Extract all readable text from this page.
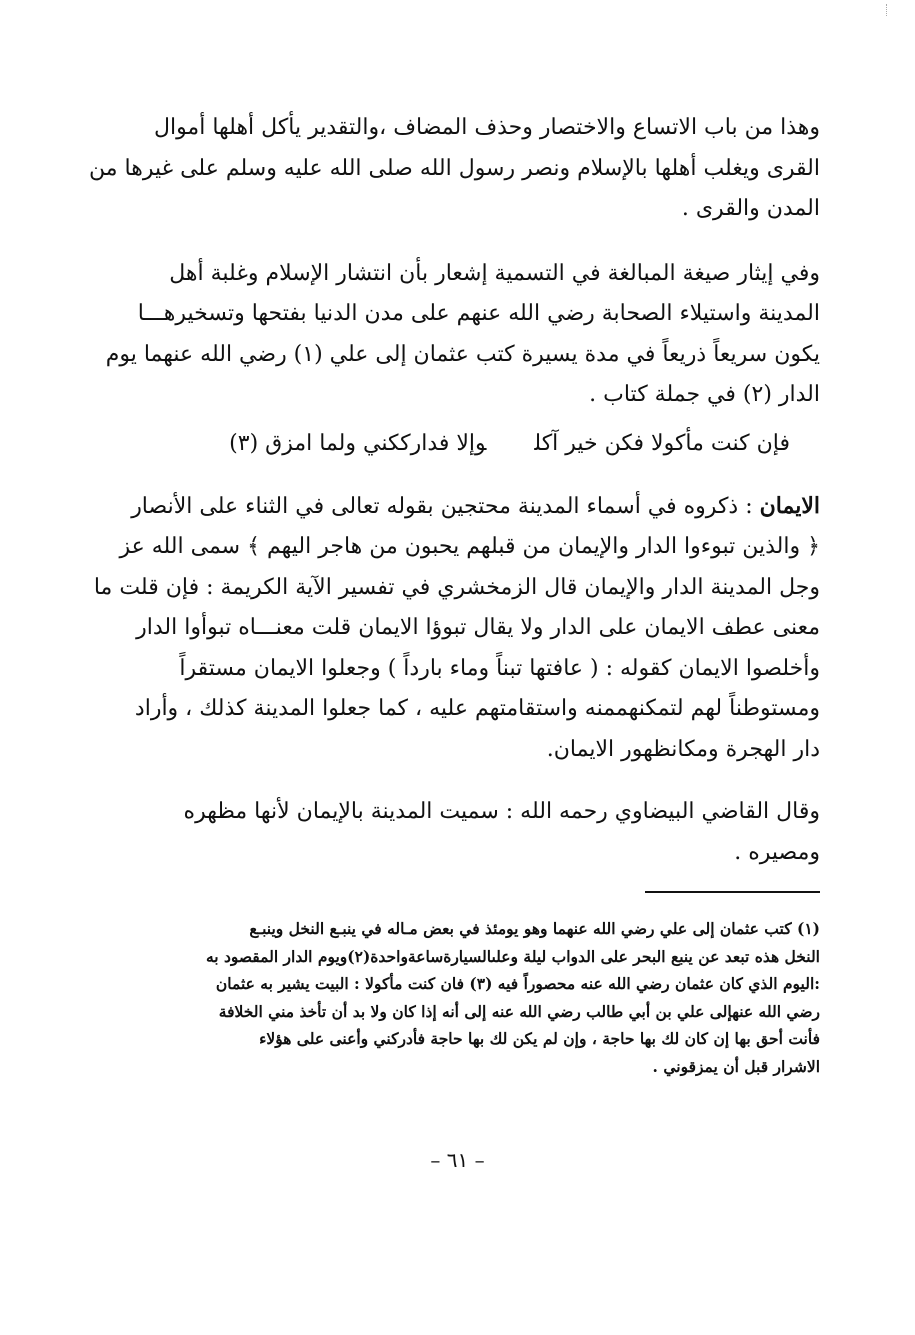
وهذا من باب الاتساع والاختصار وحذف المضاف ،والتقدير يأكل أهلها أموال
القرى ويغلب أهلها بالإسلام ونصر رسول الله صلى الله عليه وسلم على غيرها من
المدن والقرى .

وفي إيثار صيغة المبالغة في التسمية إشعار بأن انتشار الإسلام وغلبة أهل
المدينة واستيلاء الصحابة رضي الله عنهم على مدن الدنيا بفتحها وتسخيرهـــا
يكون سريعاً ذريعاً في مدة يسيرة كتب عثمان إلى علي (١) رضي الله عنهما يوم
الدار (٢) في جملة كتاب .

فإن كنت مأكولا فكن خير آكلوإلا فدارككني ولما امزق (٣)

الايمان : ذكروه في أسماء المدينة محتجين بقوله تعالى في الثناء على الأنصار
﴿ والذين تبوءوا الدار والإيمان من قبلهم يحبون من هاجر اليهم ﴾ سمى الله عز
وجل المدينة الدار والإيمان قال الزمخشري في تفسير الآية الكريمة : فإن قلت ما
معنى عطف الايمان على الدار ولا يقال تبوؤا الايمان قلت معنـــاه تبوأوا الدار
وأخلصوا الايمان كقوله : ( عافتها تبناً وماء بارداً ) وجعلوا الايمان مستقراً
ومستوطناً لهم لتمكنهممنه واستقامتهم عليه ، كما جعلوا المدينة كذلك ، وأراد
دار الهجرة ومكانظهور الايمان.

وقال القاضي البيضاوي رحمه الله : سميت المدينة بالإيمان لأنها مظهره
ومصيره .

(١) كتب عثمان إلى علي رضي الله عنهما وهو يومئذ في بعض مـاله في ينبـع النخل وينبـع
النخل هذه تبعد عن ينبع البحر على الدواب ليلة وعلىالسيارةساعةواحدة(٢)ويوم الدار المقصود به
:اليوم الذي كان عثمان رضي الله عنه محصوراً فيه (٣) فان كنت مأكولا : البيت يشير به عثمان
رضي الله عنهإلى علي بن أبي طالب رضي الله عنه إلى أنه إذا كان ولا بد أن تأخذ مني الخلافة
فأنت أحق بها إن كان لك بها حاجة ، وإن لم يكن لك بها حاجة فأدركني وأعنى على هؤلاء
الاشرار قبل أن يمزقوني .

– ٦١ –
